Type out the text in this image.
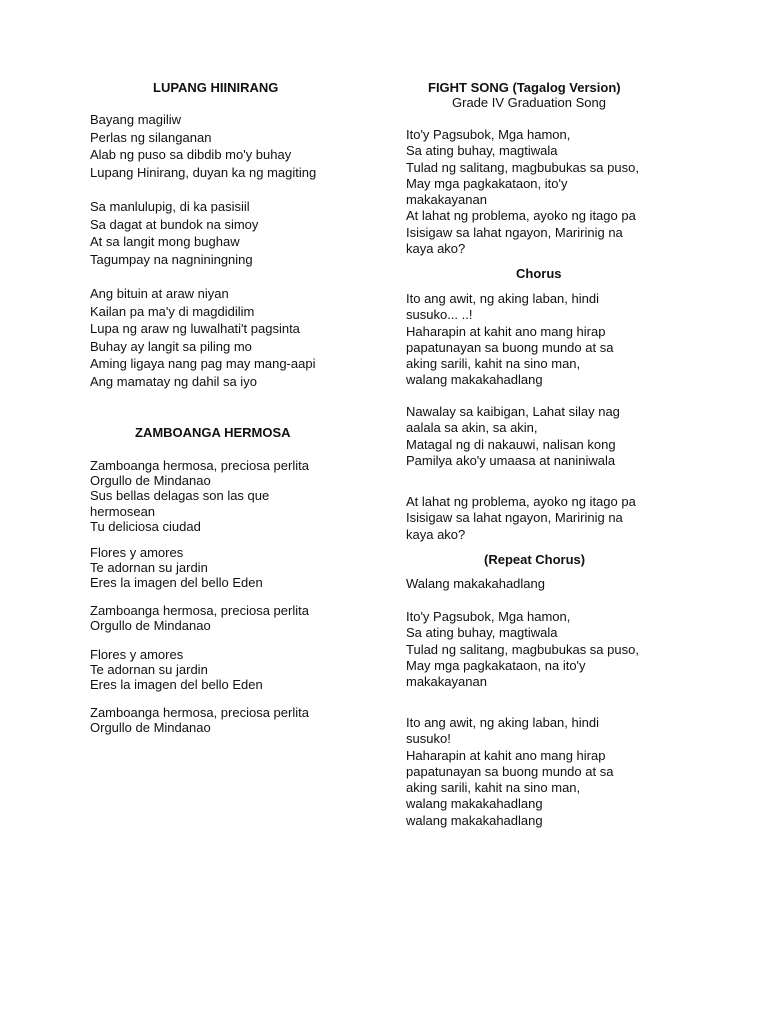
LUPANG HIINIRANG
Bayang magiliw
Perlas ng silanganan
Alab ng puso sa dibdib mo'y buhay
Lupang Hinirang, duyan ka ng magiting
Sa manlulupig, di ka pasisiil
Sa dagat at bundok na simoy
At sa langit mong bughaw
Tagumpay na nagniningning
Ang bituin at araw niyan
Kailan pa ma'y di magdidilim
Lupa ng araw ng luwalhati't pagsinta
Buhay ay langit sa piling mo
Aming ligaya nang pag may mang-aapi
Ang mamatay ng dahil sa iyo
ZAMBOANGA HERMOSA
Zamboanga hermosa, preciosa perlita
Orgullo de Mindanao
Sus bellas delagas son las que
hermosean
Tu deliciosa ciudad
Flores y amores
Te adornan su jardin
Eres la imagen del bello Eden
Zamboanga hermosa, preciosa perlita
Orgullo de Mindanao
Flores y amores
Te adornan su jardin
Eres la imagen del bello Eden
Zamboanga hermosa, preciosa perlita
Orgullo de Mindanao
FIGHT SONG (Tagalog Version)
Grade IV Graduation Song
Ito'y Pagsubok, Mga hamon,
Sa ating buhay, magtiwala
Tulad ng salitang, magbubukas sa puso,
May mga pagkakataon, ito'y
makakayanan
At lahat ng problema, ayoko ng itago pa
Isisigaw sa lahat ngayon, Maririnig na
kaya ako?
Chorus
Ito ang awit, ng aking laban, hindi
susuko... ..!
Haharapin at kahit ano mang hirap
papatunayan sa buong mundo at sa
aking sarili, kahit na sino man,
walang makakahadlang
Nawalay sa kaibigan, Lahat silay nag
aalala sa akin, sa akin,
Matagal ng di nakauwi, nalisan kong
Pamilya ako'y umaasa at naniniwala
At lahat ng problema, ayoko ng itago pa
Isisigaw sa lahat ngayon, Maririnig na
kaya ako?
(Repeat Chorus)
Walang makakahadlang
Ito'y Pagsubok, Mga hamon,
Sa ating buhay, magtiwala
Tulad ng salitang, magbubukas sa puso,
May mga pagkakataon, na ito'y
makakayanan
Ito ang awit, ng aking laban, hindi
susuko!
Haharapin at kahit ano mang hirap
papatunayan sa buong mundo at sa
aking sarili, kahit na sino man,
walang makakahadlang
walang makakahadlang
